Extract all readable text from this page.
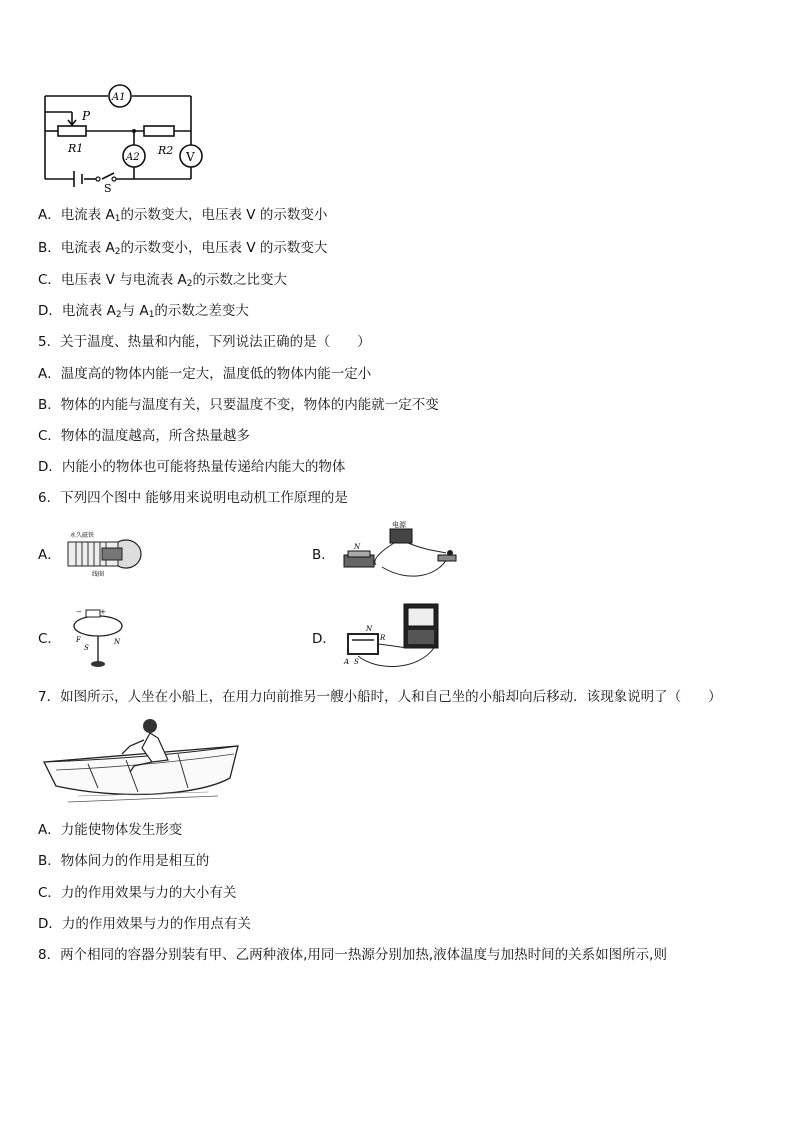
A1
A2	V
P
R1	R2
S
A．电流表 $A_1$的示数变大，电压表 V 的示数变小
B．电流表 $A_2$的示数变小，电压表 V 的示数变大
C．电压表 V 与电流表 $A_2$的示数之比变大
D．电流表 $A_2$与 $A_1$的示数之差变大
5．关于温度、热量和内能，下列说法正确的是（　　）
A．温度高的物体内能一定大，温度低的物体内能一定小
B．物体的内能与温度有关，只要温度不变，物体的内能就一定不变
C．物体的温度越高，所含热量越多
D．内能小的物体也可能将热量传递给内能大的物体
6．下列四个图中 能够用来说明电动机工作原理的是
A．
永久磁铁
线圈
B．
电源
N
C．
−	+
S
N
F	D．
N
R
A S
7．如图所示，人坐在小船上，在用力向前推另一艘小船时，人和自己坐的小船却向后移动．该现象说明了（　　）
A．力能使物体发生形变
B．物体间力的作用是相互的
C．力的作用效果与力的大小有关
D．力的作用效果与力的作用点有关
8．两个相同的容器分别装有甲、乙两种液体,用同一热源分别加热,液体温度与加热时间的关系如图所示,则
